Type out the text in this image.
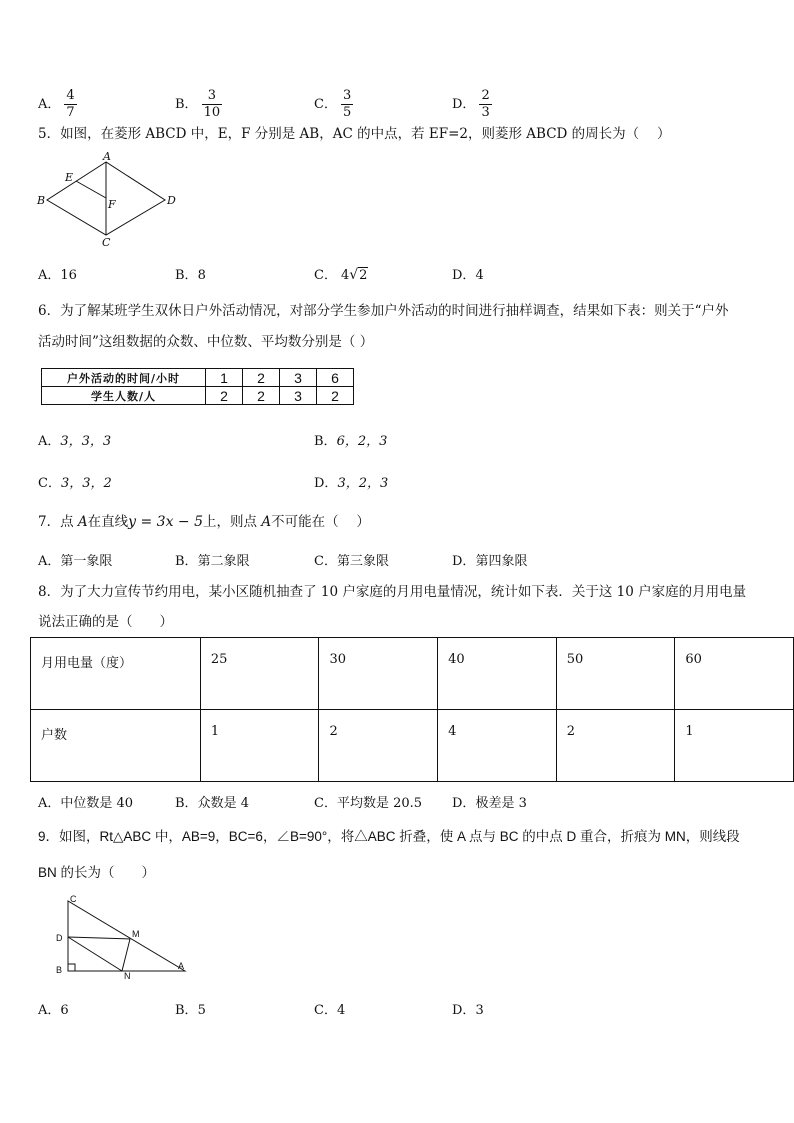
A． $\frac{4}{7}$	B． $\frac{3}{10}$	C． $\frac{3}{5}$	D． $\frac{2}{3}$
5．如图，在菱形 ABCD 中，E，F 分别是 AB，AC 的中点，若 EF=2，则菱形 ABCD 的周长为（　 ）
A
E
B	F	D
C
A．16	B．8	C． 4√2	D．4
6．为了解某班学生双休日户外活动情况，对部分学生参加户外活动的时间进行抽样调查，结果如下表：则关于“户外
活动时间”这组数据的众数、中位数、平均数分别是（ ）
户外活动的时间/小时	1	2	3	6
学生人数/人	2	2	3	2
A．3，3，3	B．6，2，3
C．3，3，2	D．3，2，3
7．点 A在直线y = 3x − 5上，则点 A不可能在（　 ）
A．第一象限	B．第二象限	C．第三象限	D．第四象限
8．为了大力宣传节约用电，某小区随机抽查了 10 户家庭的月用电量情况，统计如下表．关于这 10 户家庭的月用电量
说法正确的是（　　）
月用电量（度）	25	30	40	50	60
户数	1	2	4	2	1
A．中位数是 40	B．众数是 4	C．平均数是 20.5 D．极差是 3
9．如图，Rt△ABC 中，AB=9，BC=6，∠B=90°，将△ABC 折叠，使 A 点与 BC 的中点 D 重合，折痕为 MN，则线段
BN 的长为（　　）
C
D	M
B
N
A
A．6	B．5	C．4	D．3
